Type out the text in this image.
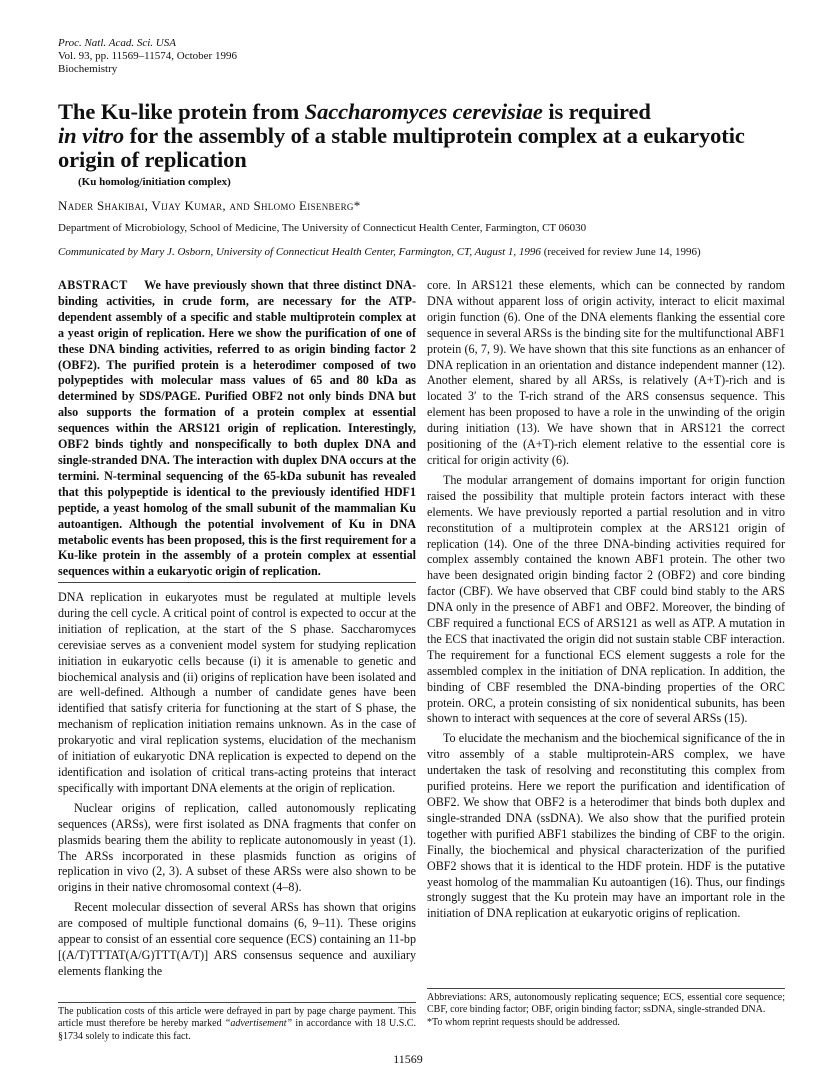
Proc. Natl. Acad. Sci. USA
Vol. 93, pp. 11569–11574, October 1996
Biochemistry
The Ku-like protein from Saccharomyces cerevisiae is required
in vitro for the assembly of a stable multiprotein complex at a eukaryotic origin of replication
(Ku homolog/initiation complex)
Nader Shakibai, Vijay Kumar, and Shlomo Eisenberg*
Department of Microbiology, School of Medicine, The University of Connecticut Health Center, Farmington, CT 06030
Communicated by Mary J. Osborn, University of Connecticut Health Center, Farmington, CT, August 1, 1996 (received for review June 14, 1996)
ABSTRACT We have previously shown that three distinct DNA-binding activities, in crude form, are necessary for the ATP-dependent assembly of a specific and stable multiprotein complex at a yeast origin of replication. Here we show the purification of one of these DNA binding activities, referred to as origin binding factor 2 (OBF2). The purified protein is a heterodimer composed of two polypeptides with molecular mass values of 65 and 80 kDa as determined by SDS/PAGE. Purified OBF2 not only binds DNA but also supports the formation of a protein complex at essential sequences within the ARS121 origin of replication. Interestingly, OBF2 binds tightly and nonspecifically to both duplex DNA and single-stranded DNA. The interaction with duplex DNA occurs at the termini. N-terminal sequencing of the 65-kDa subunit has revealed that this polypeptide is identical to the previously identified HDF1 peptide, a yeast homolog of the small subunit of the mammalian Ku autoantigen. Although the potential involvement of Ku in DNA metabolic events has been proposed, this is the first requirement for a Ku-like protein in the assembly of a protein complex at essential sequences within a eukaryotic origin of replication.

DNA replication in eukaryotes must be regulated at multiple levels during the cell cycle. A critical point of control is expected to occur at the initiation of replication, at the start of the S phase. Saccharomyces cerevisiae serves as a convenient model system for studying replication initiation in eukaryotic cells because (i) it is amenable to genetic and biochemical analysis and (ii) origins of replication have been isolated and are well-defined. Although a number of candidate genes have been identified that satisfy criteria for functioning at the start of S phase, the mechanism of replication initiation remains unknown. As in the case of prokaryotic and viral replication systems, elucidation of the mechanism of initiation of eukaryotic DNA replication is expected to depend on the identification and isolation of critical trans-acting proteins that interact specifically with important DNA elements at the origin of replication.

Nuclear origins of replication, called autonomously replicating sequences (ARSs), were first isolated as DNA fragments that confer on plasmids bearing them the ability to replicate autonomously in yeast (1). The ARSs incorporated in these plasmids function as origins of replication in vivo (2, 3). A subset of these ARSs were also shown to be origins in their native chromosomal context (4–8).

Recent molecular dissection of several ARSs has shown that origins are composed of multiple functional domains (6, 9–11). These origins appear to consist of an essential core sequence (ECS) containing an 11-bp [(A/T)TTTAT(A/G)TTT(A/T)] ARS consensus sequence and auxiliary elements flanking the

core. In ARS121 these elements, which can be connected by random DNA without apparent loss of origin activity, interact to elicit maximal origin function (6). One of the DNA elements flanking the essential core sequence in several ARSs is the binding site for the multifunctional ABF1 protein (6, 7, 9). We have shown that this site functions as an enhancer of DNA replication in an orientation and distance independent manner (12). Another element, shared by all ARSs, is relatively (A+T)-rich and is located 3′ to the T-rich strand of the ARS consensus sequence. This element has been proposed to have a role in the unwinding of the origin during initiation (13). We have shown that in ARS121 the correct positioning of the (A+T)-rich element relative to the essential core is critical for origin activity (6).

The modular arrangement of domains important for origin function raised the possibility that multiple protein factors interact with these elements. We have previously reported a partial resolution and in vitro reconstitution of a multiprotein complex at the ARS121 origin of replication (14). One of the three DNA-binding activities required for complex assembly contained the known ABF1 protein. The other two have been designated origin binding factor 2 (OBF2) and core binding factor (CBF). We have observed that CBF could bind stably to the ARS DNA only in the presence of ABF1 and OBF2. Moreover, the binding of CBF required a functional ECS of ARS121 as well as ATP. A mutation in the ECS that inactivated the origin did not sustain stable CBF interaction. The requirement for a functional ECS element suggests a role for the assembled complex in the initiation of DNA replication. In addition, the binding of CBF resembled the DNA-binding properties of the ORC protein. ORC, a protein consisting of six nonidentical subunits, has been shown to interact with sequences at the core of several ARSs (15).

To elucidate the mechanism and the biochemical significance of the in vitro assembly of a stable multiprotein-ARS complex, we have undertaken the task of resolving and reconstituting this complex from purified proteins. Here we report the purification and identification of OBF2. We show that OBF2 is a heterodimer that binds both duplex and single-stranded DNA (ssDNA). We also show that the purified protein together with purified ABF1 stabilizes the binding of CBF to the origin. Finally, the biochemical and physical characterization of the purified OBF2 shows that it is identical to the HDF protein. HDF is the putative yeast homolog of the mammalian Ku autoantigen (16). Thus, our findings strongly suggest that the Ku protein may have an important role in the initiation of DNA replication at eukaryotic origins of replication.

The publication costs of this article were defrayed in part by page charge payment. This article must therefore be hereby marked “advertisement” in accordance with 18 U.S.C. §1734 solely to indicate this fact.
Abbreviations: ARS, autonomously replicating sequence; ECS, essential core sequence; CBF, core binding factor; OBF, origin binding factor; ssDNA, single-stranded DNA.
*To whom reprint requests should be addressed.
11569
